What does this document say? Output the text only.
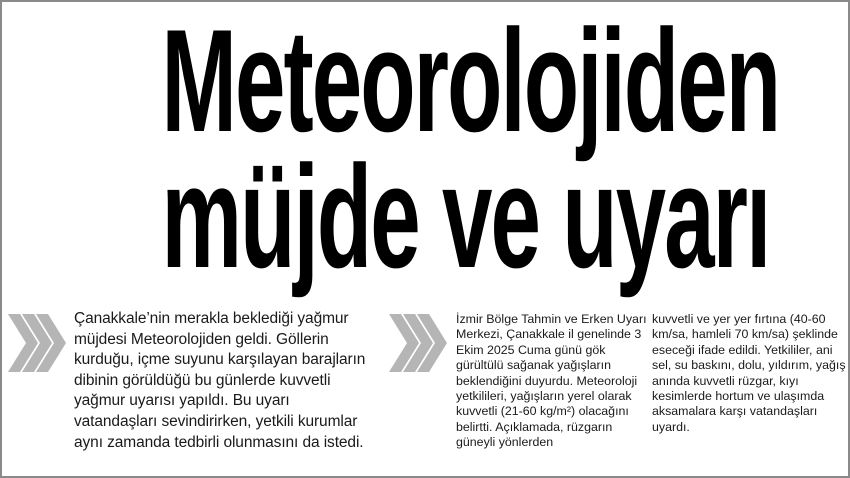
Meteorolojiden
müjde ve uyarı

Çanakkale’nin merakla beklediği yağmur müjdesi Meteorolojiden geldi. Göllerin kurduğu, içme suyunu karşılayan barajların dibinin görüldüğü bu günlerde kuvvetli yağmur uyarısı yapıldı. Bu uyarı vatandaşları sevindirirken, yetkili kurumlar aynı zamanda tedbirli olunmasını da istedi.

İzmir Bölge Tahmin ve Erken Uyarı Merkezi, Çanakkale il genelinde 3 Ekim 2025 Cuma günü gök gürültülü sağanak yağışların beklendiğini duyurdu. Meteoroloji yetkilileri, yağışların yerel olarak kuvvetli (21-60 kg/m²) olacağını belirtti. Açıklamada, rüzgarın güneyli yönlerden

kuvvetli ve yer yer fırtına (40-60 km/sa, hamleli 70 km/sa) şeklinde eseceği ifade edildi. Yetkililer, ani sel, su baskını, dolu, yıldırım, yağış anında kuvvetli rüzgar, kıyı kesimlerde hortum ve ulaşımda aksamalara karşı vatandaşları uyardı.
